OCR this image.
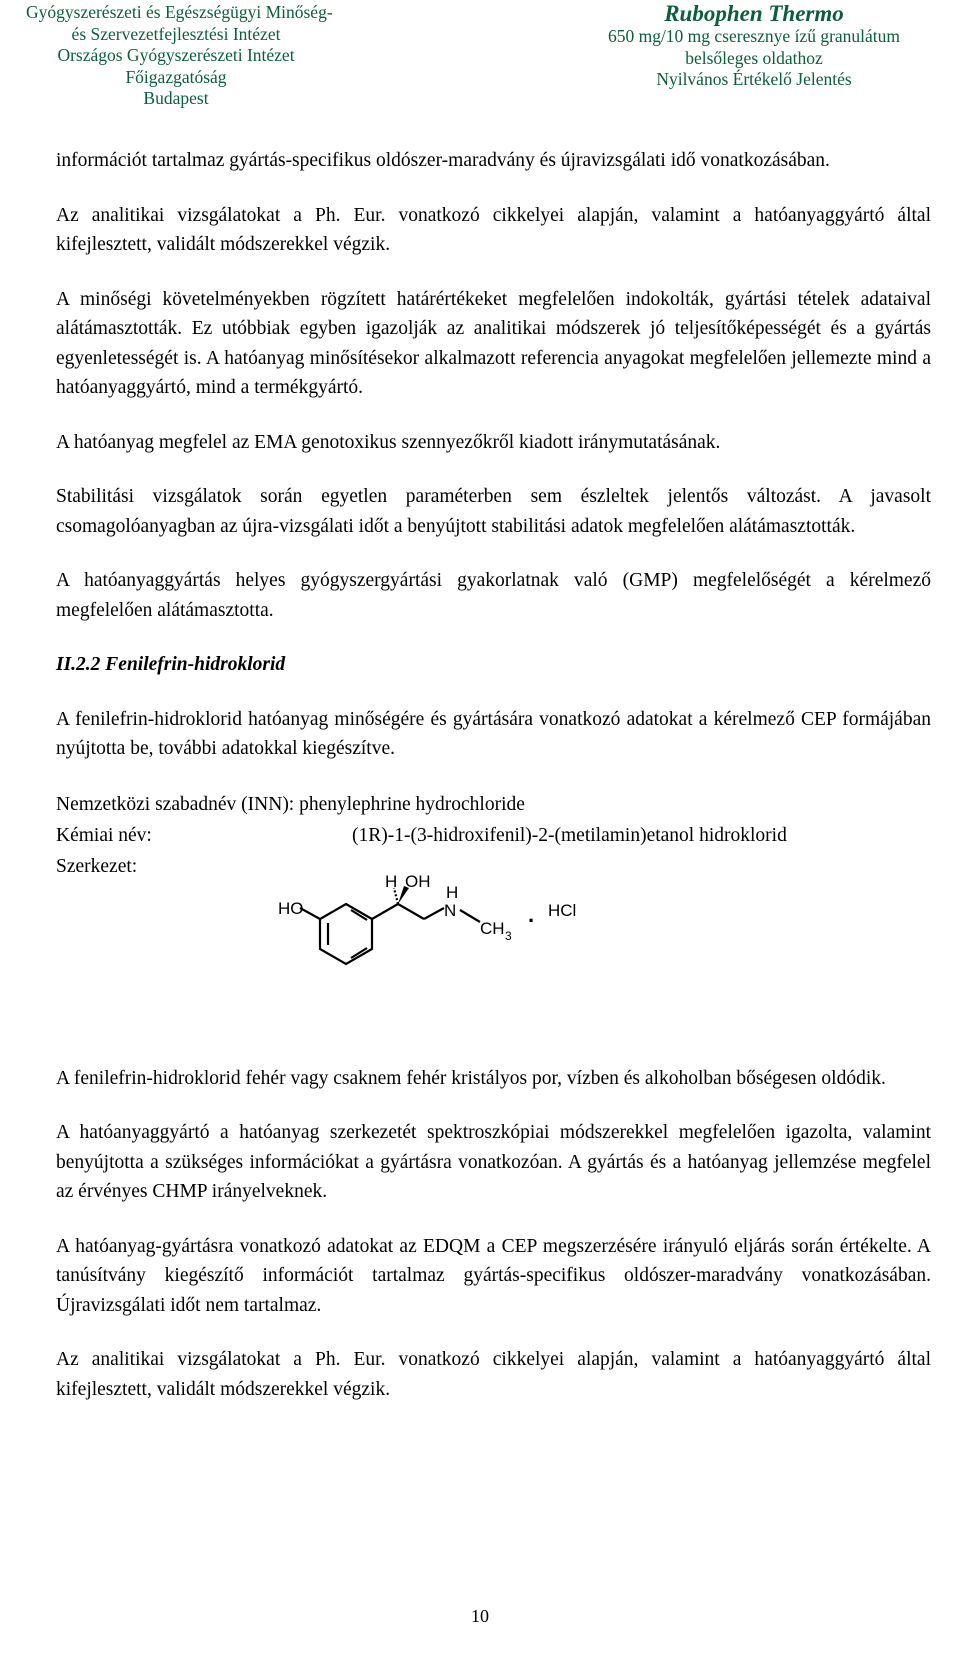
Gyógyszerészeti és Egészségügyi Minőség-
és Szervezetfejlesztési Intézet
Országos Gyógyszerészeti Intézet
Főigazgatóság
Budapest
Rubophen Thermo
650 mg/10 mg cseresznye ízű granulátum
belsőleges oldathoz
Nyilvános Értékelő Jelentés

információt tartalmaz gyártás-specifikus oldószer-maradvány és újravizsgálati idő vonatkozásában.

Az analitikai vizsgálatokat a Ph. Eur. vonatkozó cikkelyei alapján, valamint a hatóanyaggyártó által kifejlesztett, validált módszerekkel végzik.

A minőségi követelményekben rögzített határértékeket megfelelően indokolták, gyártási tételek adataival alátámasztották. Ez utóbbiak egyben igazolják az analitikai módszerek jó teljesítőképességét és a gyártás egyenletességét is. A hatóanyag minősítésekor alkalmazott referencia anyagokat megfelelően jellemezte mind a hatóanyaggyártó, mind a termékgyártó.

A hatóanyag megfelel az EMA genotoxikus szennyezőkről kiadott iránymutatásának.

Stabilitási vizsgálatok során egyetlen paraméterben sem észleltek jelentős változást. A javasolt csomagolóanyagban az újra-vizsgálati időt a benyújtott stabilitási adatok megfelelően alátámasztották.

A hatóanyaggyártás helyes gyógyszergyártási gyakorlatnak való (GMP) megfelelőségét a kérelmező megfelelően alátámasztotta.

II.2.2 Fenilefrin-hidroklorid

A fenilefrin-hidroklorid hatóanyag minőségére és gyártására vonatkozó adatokat a kérelmező CEP formájában nyújtotta be, további adatokkal kiegészítve.

Nemzetközi szabadnév (INN): phenylephrine hydrochloride
Kémiai név:	(1R)-1-(3-hidroxifenil)-2-(metilamin)etanol hidroklorid
Szerkezet:
HO
H OH
H
N
CH 3
. HCl

A fenilefrin-hidroklorid fehér vagy csaknem fehér kristályos por, vízben és alkoholban bőségesen oldódik.

A hatóanyaggyártó a hatóanyag szerkezetét spektroszkópiai módszerekkel megfelelően igazolta, valamint benyújtotta a szükséges információkat a gyártásra vonatkozóan. A gyártás és a hatóanyag jellemzése megfelel az érvényes CHMP irányelveknek.

A hatóanyag-gyártásra vonatkozó adatokat az EDQM a CEP megszerzésére irányuló eljárás során értékelte. A tanúsítvány kiegészítő információt tartalmaz gyártás-specifikus oldószer-maradvány vonatkozásában. Újravizsgálati időt nem tartalmaz.

Az analitikai vizsgálatokat a Ph. Eur. vonatkozó cikkelyei alapján, valamint a hatóanyaggyártó által kifejlesztett, validált módszerekkel végzik.

10
